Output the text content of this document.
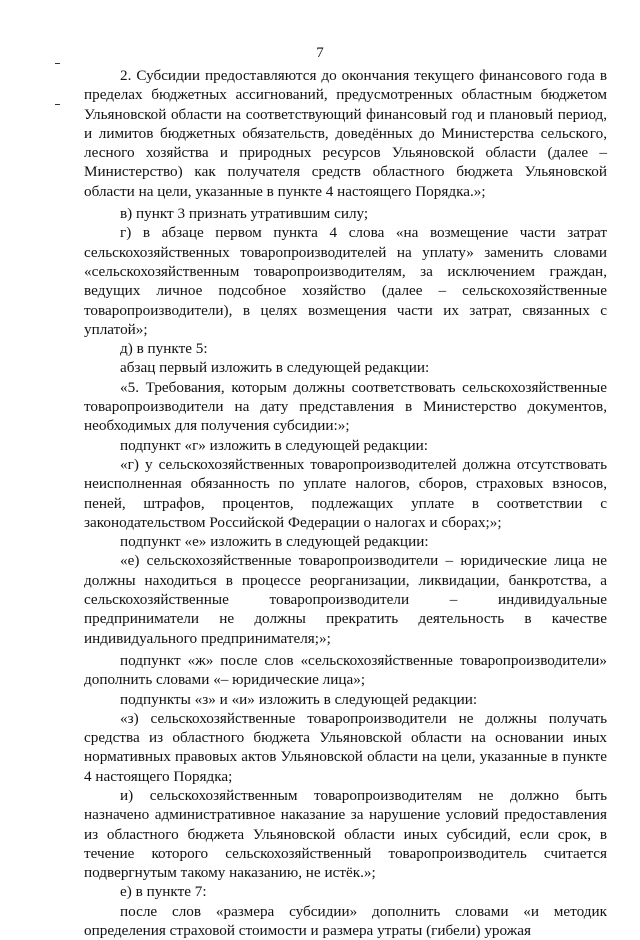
7

2. Субсидии предоставляются до окончания текущего финансового года в пределах бюджетных ассигнований, предусмотренных областным бюджетом Ульяновской области на соответствующий финансовый год и плановый период, и лимитов бюджетных обязательств, доведённых до Министерства сельского, лесного хозяйства и природных ресурсов Ульяновской области (далее – Министерство) как получателя средств областного бюджета Ульяновской области на цели, указанные в пункте 4 настоящего Порядка.»;

в) пункт 3 признать утратившим силу;

г) в абзаце первом пункта 4 слова «на возмещение части затрат сельскохозяйственных товаропроизводителей на уплату» заменить словами «сельскохозяйственным товаропроизводителям, за исключением граждан, ведущих личное подсобное хозяйство (далее – сельскохозяйственные товаропроизводители), в целях возмещения части их затрат, связанных с уплатой»;

д) в пункте 5:

абзац первый изложить в следующей редакции:

«5. Требования, которым должны соответствовать сельскохозяйственные товаропроизводители на дату представления в Министерство документов, необходимых для получения субсидии:»;

подпункт «г» изложить в следующей редакции:

«г) у сельскохозяйственных товаропроизводителей должна отсутствовать неисполненная обязанность по уплате налогов, сборов, страховых взносов, пеней, штрафов, процентов, подлежащих уплате в соответствии с законодательством Российской Федерации о налогах и сборах;»;

подпункт «е» изложить в следующей редакции:

«е) сельскохозяйственные товаропроизводители – юридические лица не должны находиться в процессе реорганизации, ликвидации, банкротства, а сельскохозяйственные товаропроизводители – индивидуальные предприниматели не должны прекратить деятельность в качестве индивидуального предпринимателя;»;

подпункт «ж» после слов «сельскохозяйственные товаропроизводители» дополнить словами «– юридические лица»;

подпункты «з» и «и» изложить в следующей редакции:

«з) сельскохозяйственные товаропроизводители не должны получать средства из областного бюджета Ульяновской области на основании иных нормативных правовых актов Ульяновской области на цели, указанные в пункте 4 настоящего Порядка;

и) сельскохозяйственным товаропроизводителям не должно быть назначено административное наказание за нарушение условий предоставления из областного бюджета Ульяновской области иных субсидий, если срок, в течение которого сельскохозяйственный товаропроизводитель считается подвергнутым такому наказанию, не истёк.»;

е) в пункте 7:

после слов «размера субсидии» дополнить словами «и методик определения страховой стоимости и размера утраты (гибели) урожая
